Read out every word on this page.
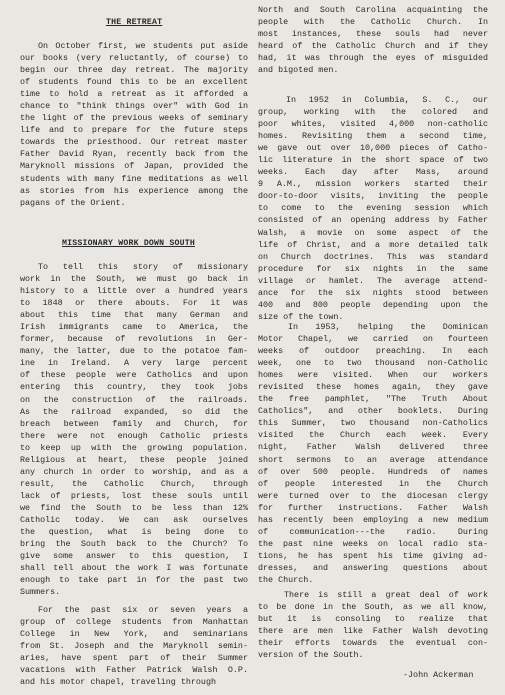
THE RETREAT
On October first, we students put aside
our books (very reluctantly, of course) to
begin our three day retreat. The majority
of students found this to be an excellent
time to hold a retreat as it afforded a
chance to "think things over" with God in
the light of the previous weeks of seminary
life and to prepare for the future steps
towards the priesthood. Our retreat master
Father David Ryan, recently back from the
Maryknoll missions of Japan, provided the
students with many fine meditations as well
as stories from his experience among the
pagans of the Orient.
MISSIONARY WORK DOWN SOUTH
To tell this story of missionary
work in the South, we must go back in
history to a little over a hundred years
to 1848 or there abouts. For it was
about this time that many German and
Irish immigrants came to America, the
former, because of revolutions in Ger-
many, the latter, due to the potatoe fam-
ine in Ireland. A very large percent
of these people were Catholics and upon
entering this country, they took jobs
on the construction of the railroads.
As the railroad expanded, so did the
breach between family and Church, for
there were not enough Catholic priests
to keep up with the growing population.
Religious at heart, these people joined
any church in order to worship, and as a
result, the Catholic Church, through
lack of priests, lost these souls until
we find the South to be less than 12%
Catholic today. We can ask ourselves
the question, what is being done to
bring the South back to the Church? To
give some answer to this question, I
shall tell about the work I was fortunate
enough to take part in for the past two
Summers.
For the past six or seven years a
group of college students from Manhattan
College in New York, and seminarians
from St. Joseph and the Maryknoll semin-
aries, have spent part of their Summer
vacations with Father Patrick Walsh O.P.
and his motor chapel, traveling through
North and South Carolina acquainting the
people with the Catholic Church. In
most instances, these souls had never
heard of the Catholic Church and if they
had, it was through the eyes of misguided
and bigoted men.
In 1952 in Columbia, S. C., our
group, working with the colored and
poor whites, visited 4,000 non-catholic
homes. Revisiting them a second time,
we gave out over 10,000 pieces of Catho-
lic literature in the short space of two
weeks. Each day after Mass, around
9 A.M., mission workers started their
door-to-door visits, inviting the people
to come to the evening session which
consisted of an opening address by Father
Walsh, a movie on some aspect of the
life of Christ, and a more detailed talk
on Church doctrines. This was standard
procedure for six nights in the same
village or hamlet. The average attend-
ance for the six nights stood between
400 and 800 people depending upon the
size of the town.
In 1953, helping the Dominican
Motor Chapel, we carried on fourteen
weeks of outdoor preaching. In each
week, one to two thousand non-Catholic
homes were visited. When our workers
revisited these homes again, they gave
the free pamphlet, "The Truth About
Catholics", and other booklets. During
this Summer, two thousand non-Catholics
visited the Church each week. Every
night, Father Walsh delivered three
short sermons to an average attendance
of over 500 people. Hundreds of names
of people interested in the Church
were turned over to the diocesan clergy
for further instructions. Father Walsh
has recently been employing a new medium
of communication---the radio. During
the past nine weeks on local radio sta-
tions, he has spent his time giving ad-
dresses, and answering questions about
the Church.
There is still a great deal of work
to be done in the South, as we all know,
but it is consoling to realize that
there are men like Father Walsh devoting
their efforts towards the eventual con-
version of the South.
-John Ackerman
